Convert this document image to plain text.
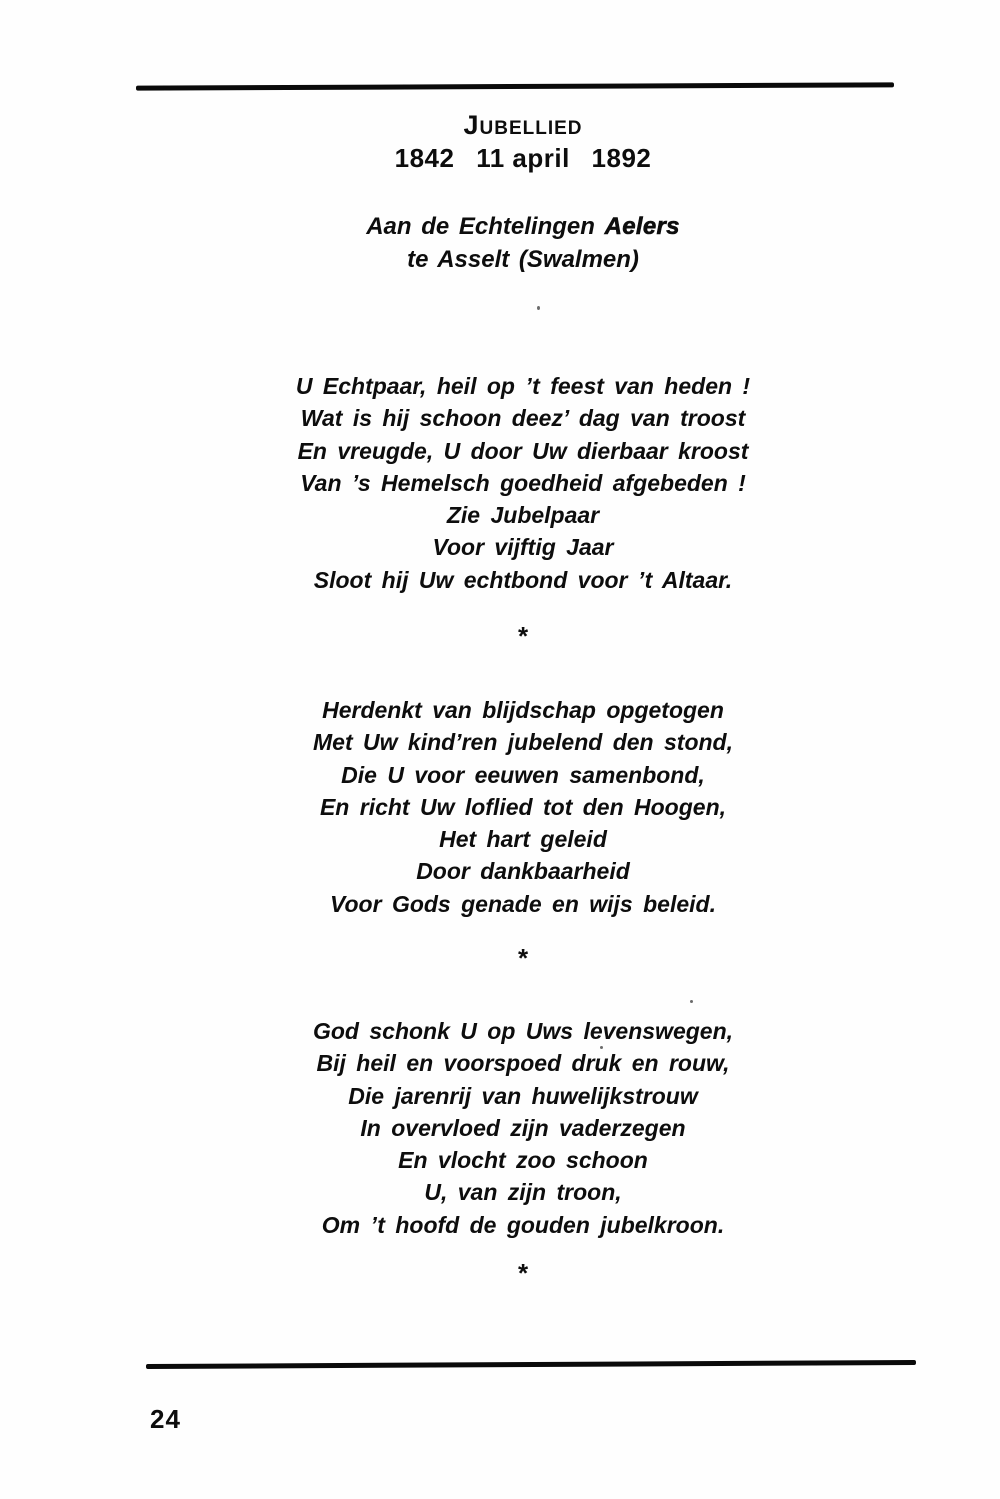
Jubellied
1842 11 april 1892
Aan de Echtelingen Aelers
te Asselt (Swalmen)
U Echtpaar, heil op ’t feest van heden !
Wat is hij schoon deez’ dag van troost
En vreugde, U door Uw dierbaar kroost
Van ’s Hemelsch goedheid afgebeden !
Zie Jubelpaar
Voor vijftig Jaar
Sloot hij Uw echtbond voor ’t Altaar.
*
Herdenkt van blijdschap opgetogen
Met Uw kind’ren jubelend den stond,
Die U voor eeuwen samenbond,
En richt Uw loflied tot den Hoogen,
Het hart geleid
Door dankbaarheid
Voor Gods genade en wijs beleid.
*
God schonk U op Uws levenswegen,
Bij heil en voorspoed druk en rouw,
Die jarenrij van huwelijkstrouw
In overvloed zijn vaderzegen
En vlocht zoo schoon
U, van zijn troon,
Om ’t hoofd de gouden jubelkroon.
*
24
